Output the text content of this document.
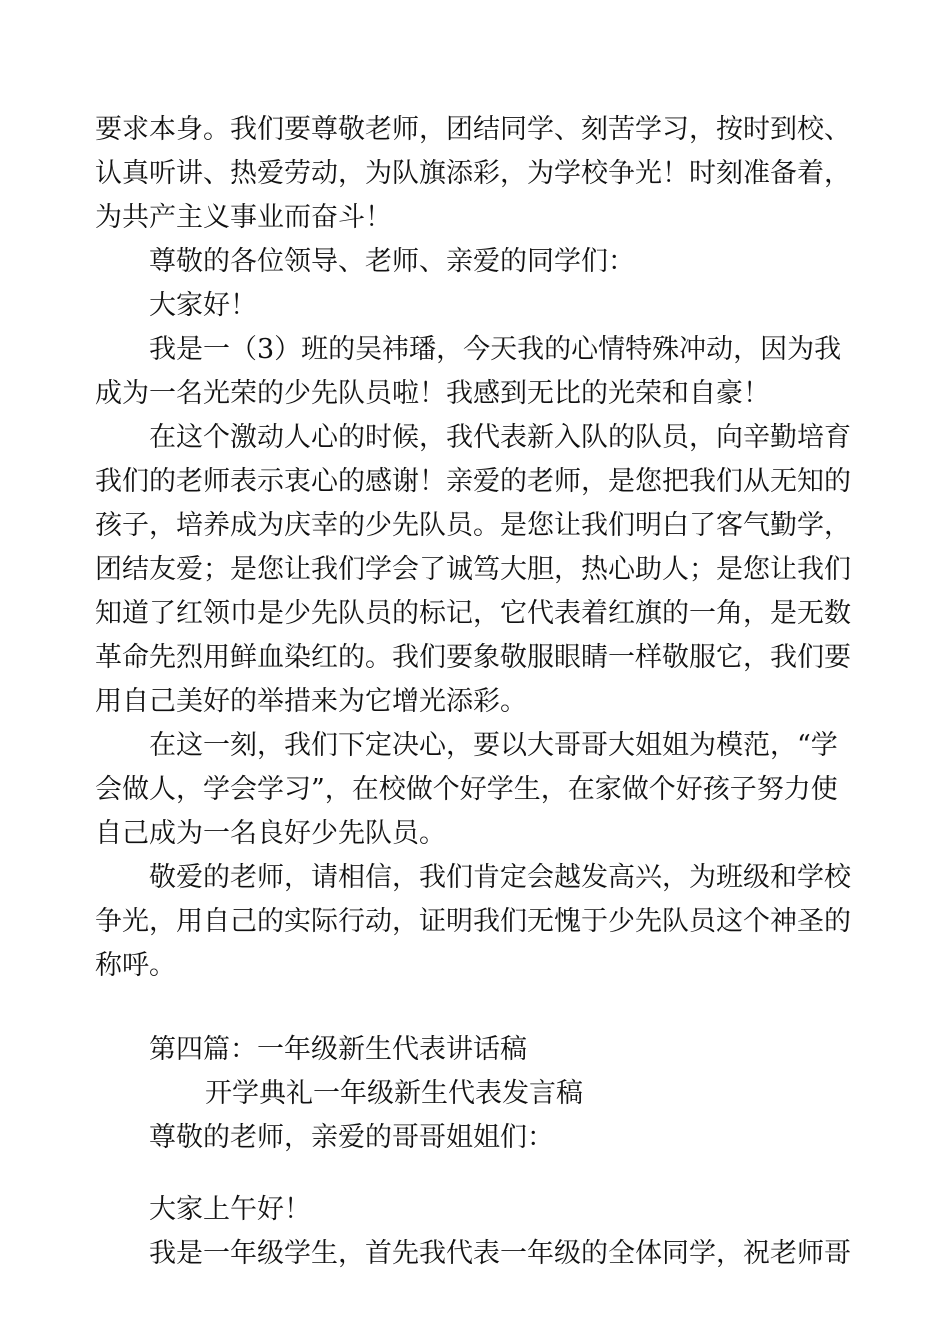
要求本身。我们要尊敬老师，团结同学、刻苦学习，按时到校、
认真听讲、热爱劳动，为队旗添彩，为学校争光！时刻准备着，
为共产主义事业而奋斗！
尊敬的各位领导、老师、亲爱的同学们：
大家好！
我是一（3）班的吴祎璠，今天我的心情特殊冲动，因为我
成为一名光荣的少先队员啦！我感到无比的光荣和自豪！
在这个激动人心的时候，我代表新入队的队员，向辛勤培育
我们的老师表示衷心的感谢！亲爱的老师，是您把我们从无知的
孩子，培养成为庆幸的少先队员。是您让我们明白了客气勤学，
团结友爱；是您让我们学会了诚笃大胆，热心助人；是您让我们
知道了红领巾是少先队员的标记，它代表着红旗的一角，是无数
革命先烈用鲜血染红的。我们要象敬服眼睛一样敬服它，我们要
用自己美好的举措来为它增光添彩。
在这一刻，我们下定决心，要以大哥哥大姐姐为模范，“学
会做人，学会学习”，在校做个好学生，在家做个好孩子努力使
自己成为一名良好少先队员。
敬爱的老师，请相信，我们肯定会越发高兴，为班级和学校
争光，用自己的实际行动，证明我们无愧于少先队员这个神圣的
称呼。
第四篇：一年级新生代表讲话稿
开学典礼一年级新生代表发言稿
尊敬的老师，亲爱的哥哥姐姐们：
大家上午好！
我是一年级学生，首先我代表一年级的全体同学，祝老师哥
